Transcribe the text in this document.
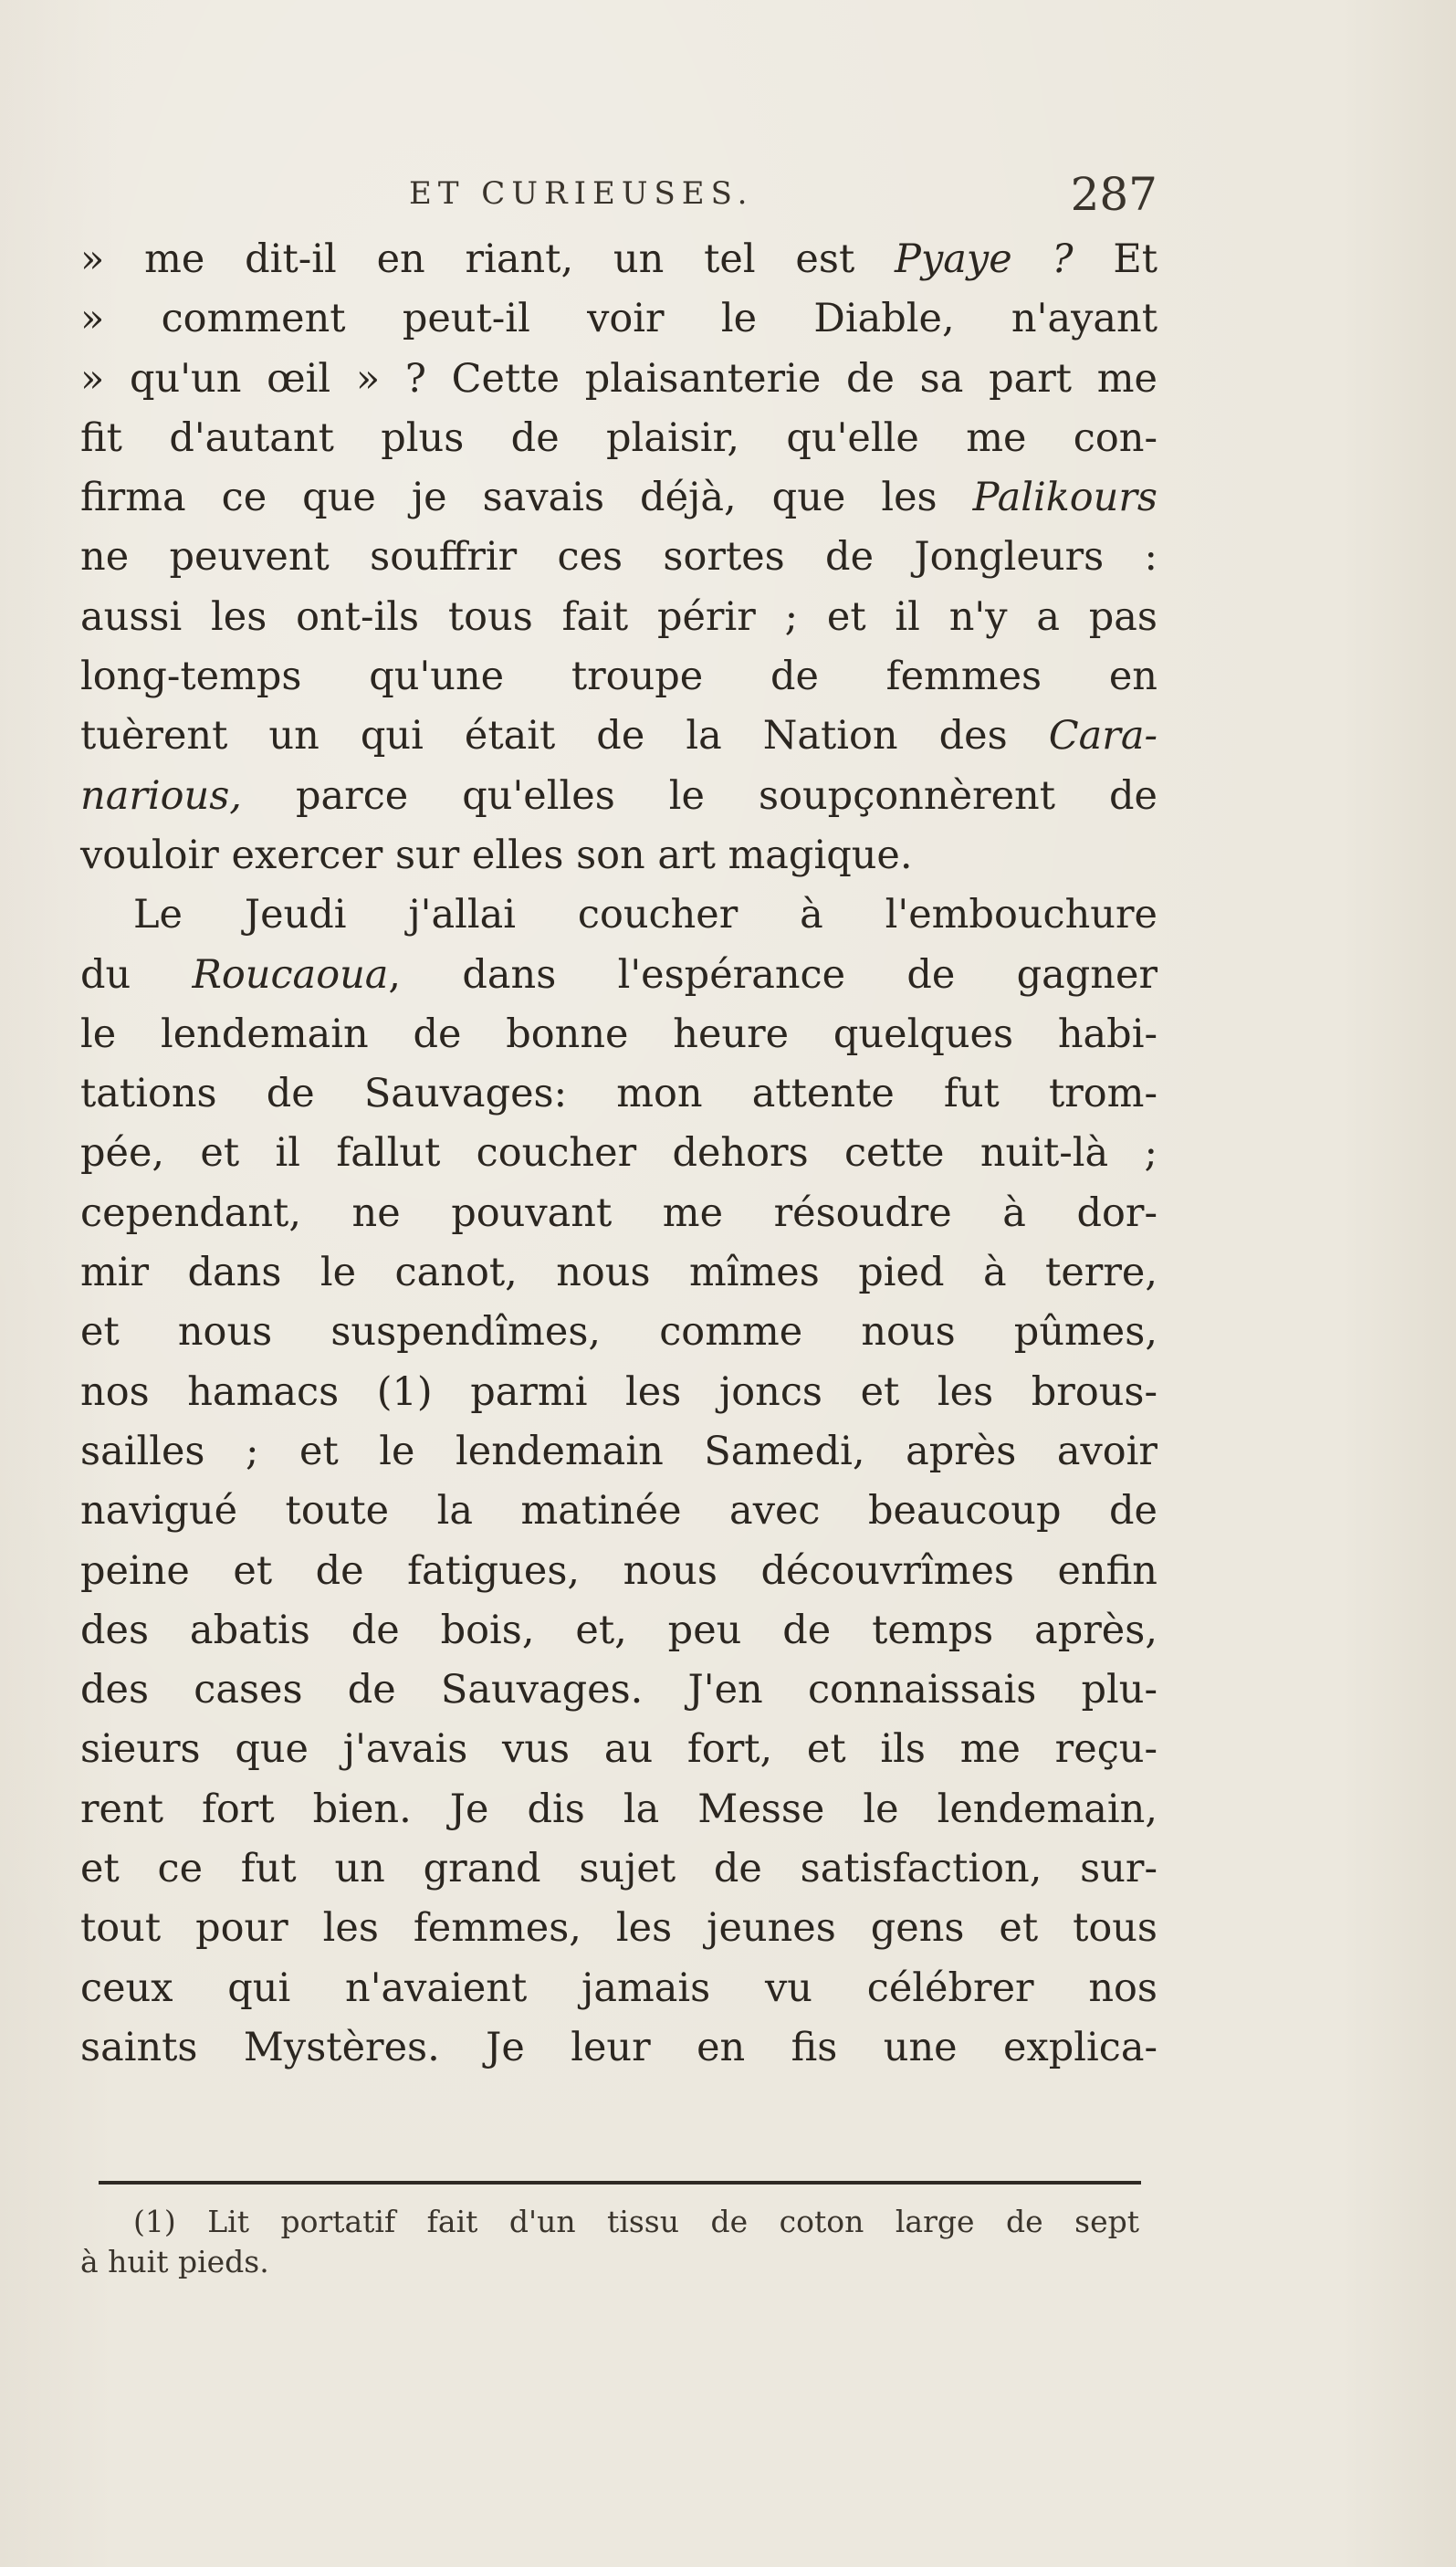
ET CURIEUSES.	287
» me dit-il en riant, un tel est Pyaye ? Et
» comment peut-il voir le Diable, n'ayant
» qu'un œil » ? Cette plaisanterie de sa part me
fit d'autant plus de plaisir, qu'elle me con-
firma ce que je savais déjà, que les Palikours
ne peuvent souffrir ces sortes de Jongleurs :
aussi les ont-ils tous fait périr ; et il n'y a pas
long-temps qu'une troupe de femmes en
tuèrent un qui était de la Nation des Cara-
narious, parce qu'elles le soupçonnèrent de
vouloir exercer sur elles son art magique.
Le Jeudi j'allai coucher à l'embouchure
du Roucaoua, dans l'espérance de gagner
le lendemain de bonne heure quelques habi-
tations de Sauvages: mon attente fut trom-
pée, et il fallut coucher dehors cette nuit-là ;
cependant, ne pouvant me résoudre à dor-
mir dans le canot, nous mîmes pied à terre,
et nous suspendîmes, comme nous pûmes,
nos hamacs (1) parmi les joncs et les brous-
sailles ; et le lendemain Samedi, après avoir
navigué toute la matinée avec beaucoup de
peine et de fatigues, nous découvrîmes enfin
des abatis de bois, et, peu de temps après,
des cases de Sauvages. J'en connaissais plu-
sieurs que j'avais vus au fort, et ils me reçu-
rent fort bien. Je dis la Messe le lendemain,
et ce fut un grand sujet de satisfaction, sur-
tout pour les femmes, les jeunes gens et tous
ceux qui n'avaient jamais vu célébrer nos
saints Mystères. Je leur en fis une explica-
(1) Lit portatif fait d'un tissu de coton large de sept
à huit pieds.
